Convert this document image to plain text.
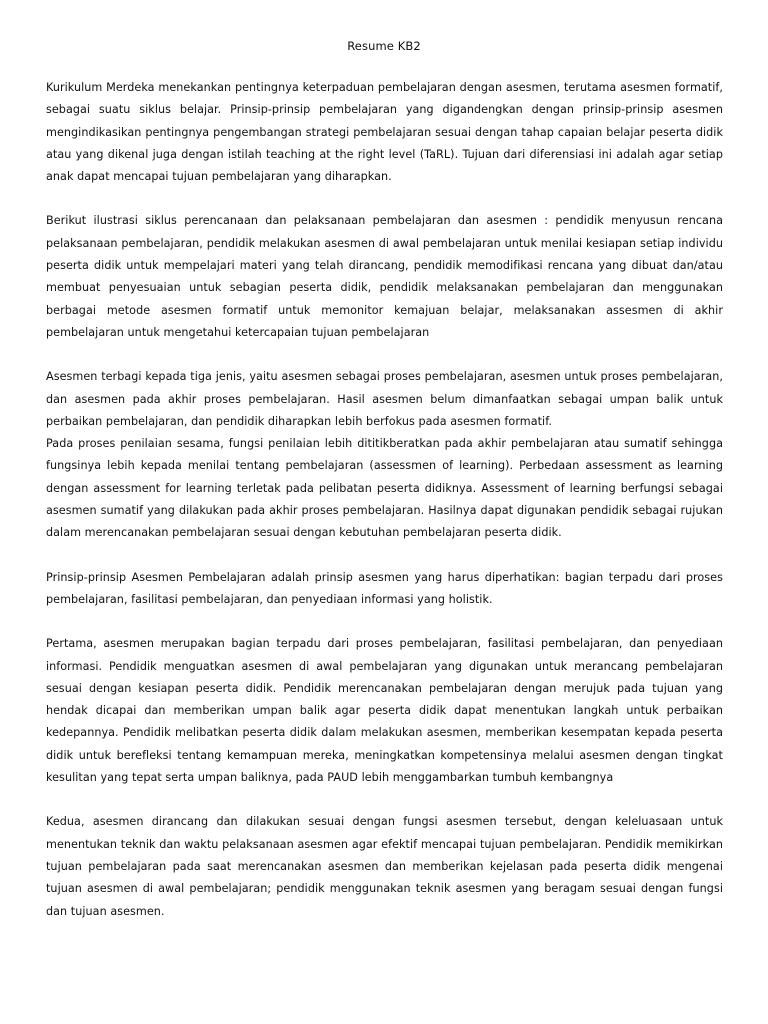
Resume KB2

Kurikulum Merdeka menekankan pentingnya keterpaduan pembelajaran dengan asesmen, terutama asesmen formatif, sebagai suatu siklus belajar. Prinsip-prinsip pembelajaran yang digandengkan dengan prinsip-prinsip asesmen mengindikasikan pentingnya pengembangan strategi pembelajaran sesuai dengan tahap capaian belajar peserta didik atau yang dikenal juga dengan istilah teaching at the right level (TaRL). Tujuan dari diferensiasi ini adalah agar setiap anak dapat mencapai tujuan pembelajaran yang diharapkan.

Berikut ilustrasi siklus perencanaan dan pelaksanaan pembelajaran dan asesmen : pendidik menyusun rencana pelaksanaan pembelajaran, pendidik melakukan asesmen di awal pembelajaran untuk menilai kesiapan setiap individu peserta didik untuk mempelajari materi yang telah dirancang, pendidik memodifikasi rencana yang dibuat dan/atau membuat penyesuaian untuk sebagian peserta didik, pendidik melaksanakan pembelajaran dan menggunakan berbagai metode asesmen formatif untuk memonitor kemajuan belajar, melaksanakan assesmen di akhir pembelajaran untuk mengetahui ketercapaian tujuan pembelajaran

Asesmen terbagi kepada tiga jenis, yaitu asesmen sebagai proses pembelajaran, asesmen untuk proses pembelajaran, dan asesmen pada akhir proses pembelajaran. Hasil asesmen belum dimanfaatkan sebagai umpan balik untuk perbaikan pembelajaran, dan pendidik diharapkan lebih berfokus pada asesmen formatif.

Pada proses penilaian sesama, fungsi penilaian lebih dititikberatkan pada akhir pembelajaran atau sumatif sehingga fungsinya lebih kepada menilai tentang pembelajaran (assessmen of learning). Perbedaan assessment as learning dengan assessment for learning terletak pada pelibatan peserta didiknya. Assessment of learning berfungsi sebagai asesmen sumatif yang dilakukan pada akhir proses pembelajaran. Hasilnya dapat digunakan pendidik sebagai rujukan dalam merencanakan pembelajaran sesuai dengan kebutuhan pembelajaran peserta didik.

Prinsip-prinsip Asesmen Pembelajaran adalah prinsip asesmen yang harus diperhatikan: bagian terpadu dari proses pembelajaran, fasilitasi pembelajaran, dan penyediaan informasi yang holistik.

Pertama, asesmen merupakan bagian terpadu dari proses pembelajaran, fasilitasi pembelajaran, dan penyediaan informasi. Pendidik menguatkan asesmen di awal pembelajaran yang digunakan untuk merancang pembelajaran sesuai dengan kesiapan peserta didik. Pendidik merencanakan pembelajaran dengan merujuk pada tujuan yang hendak dicapai dan memberikan umpan balik agar peserta didik dapat menentukan langkah untuk perbaikan kedepannya. Pendidik melibatkan peserta didik dalam melakukan asesmen, memberikan kesempatan kepada peserta didik untuk berefleksi tentang kemampuan mereka, meningkatkan kompetensinya melalui asesmen dengan tingkat kesulitan yang tepat serta umpan baliknya, pada PAUD lebih menggambarkan tumbuh kembangnya

Kedua, asesmen dirancang dan dilakukan sesuai dengan fungsi asesmen tersebut, dengan keleluasaan untuk menentukan teknik dan waktu pelaksanaan asesmen agar efektif mencapai tujuan pembelajaran. Pendidik memikirkan tujuan pembelajaran pada saat merencanakan asesmen dan memberikan kejelasan pada peserta didik mengenai tujuan asesmen di awal pembelajaran; pendidik menggunakan teknik asesmen yang beragam sesuai dengan fungsi dan tujuan asesmen.
